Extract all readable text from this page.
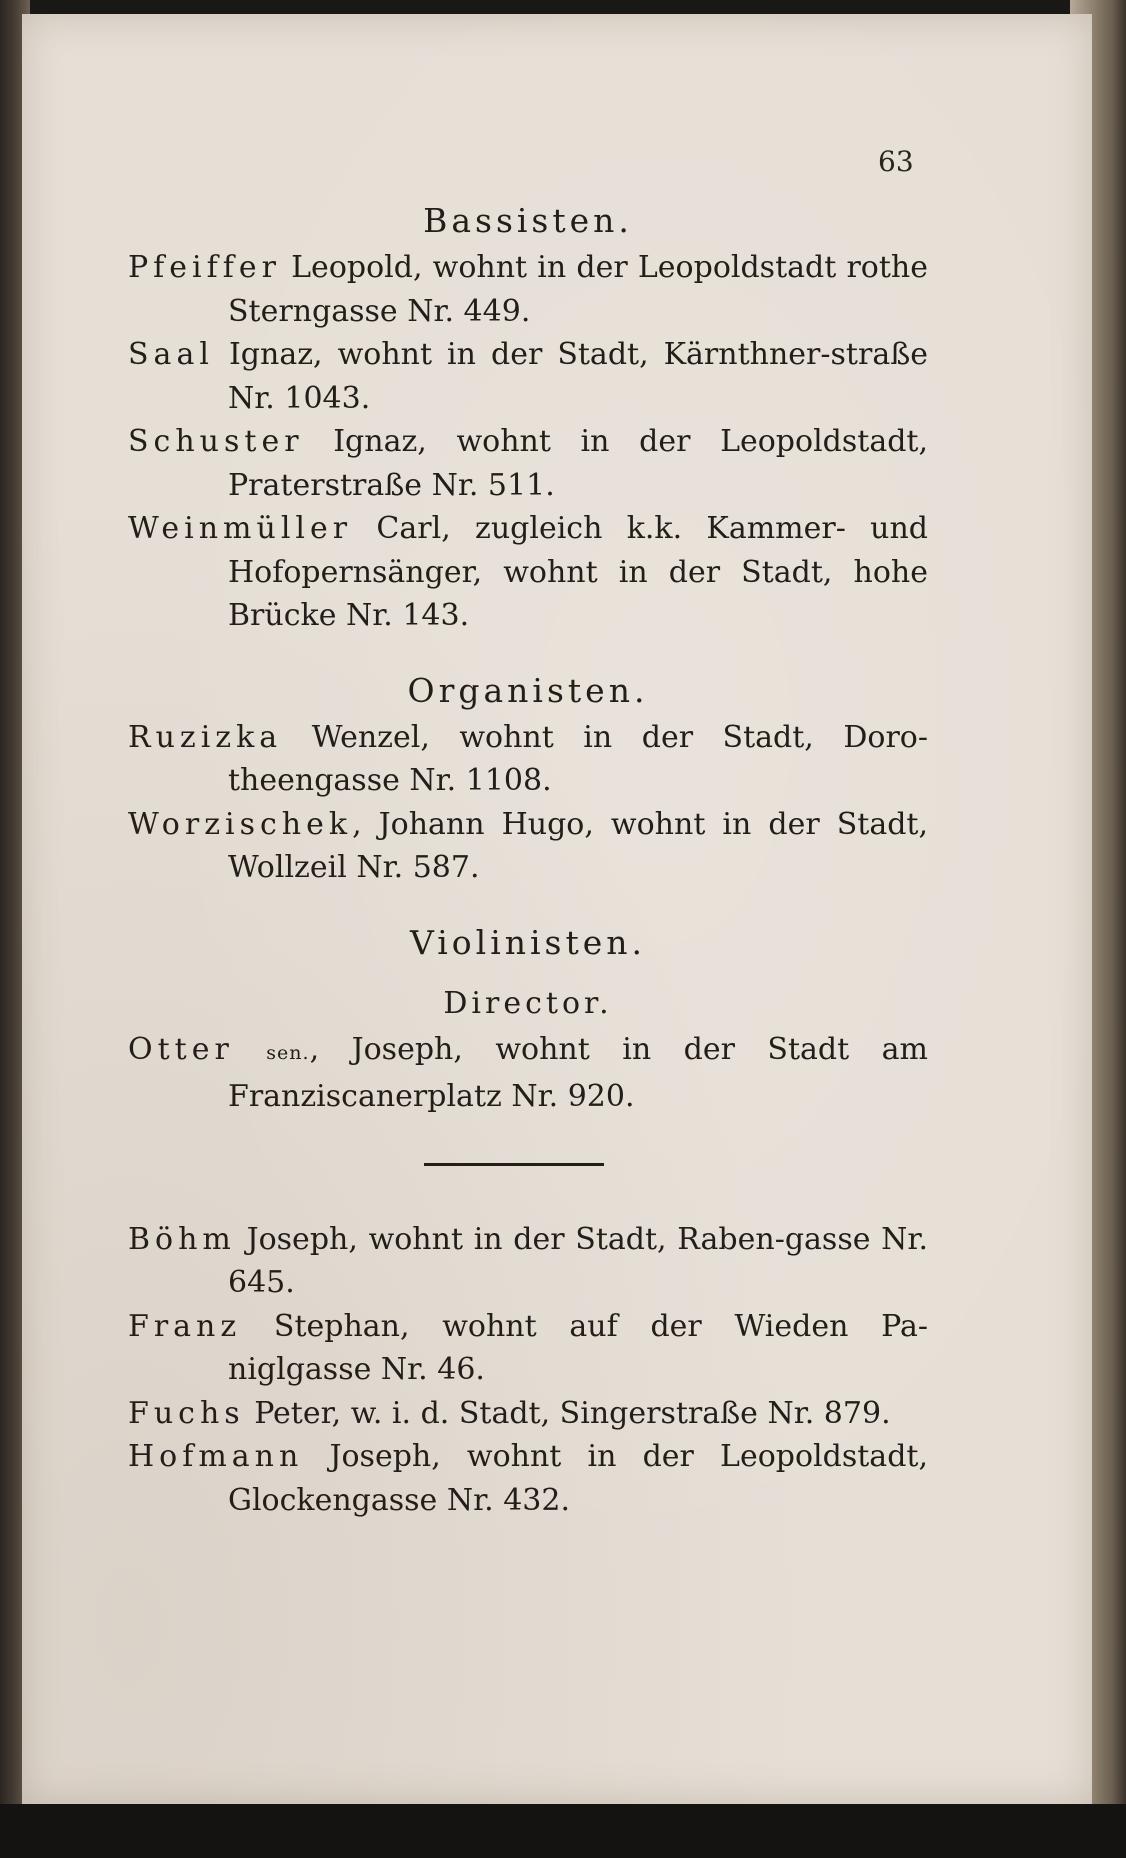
63

Bassisten.

Pfeiffer Leopold, wohnt in der Leopoldstadt rothe Sterngasse Nr. 449.

Saal Ignaz, wohnt in der Stadt, Kärnthner-straße Nr. 1043.

Schuster Ignaz, wohnt in der Leopoldstadt, Praterstraße Nr. 511.

Weinmüller Carl, zugleich k.k. Kammer- und Hofopernsänger, wohnt in der Stadt, hohe Brücke Nr. 143.

Organisten.

Ruzizka Wenzel, wohnt in der Stadt, Doro-theengasse Nr. 1108.

Worzischek, Johann Hugo, wohnt in der Stadt, Wollzeil Nr. 587.

Violinisten.

Director.

Otter sen., Joseph, wohnt in der Stadt am Franziscanerplatz Nr. 920.

Böhm Joseph, wohnt in der Stadt, Raben-gasse Nr. 645.

Franz Stephan, wohnt auf der Wieden Pa-niglgasse Nr. 46.

Fuchs Peter, w. i. d. Stadt, Singerstraße Nr. 879.

Hofmann Joseph, wohnt in der Leopoldstadt, Glockengasse Nr. 432.
